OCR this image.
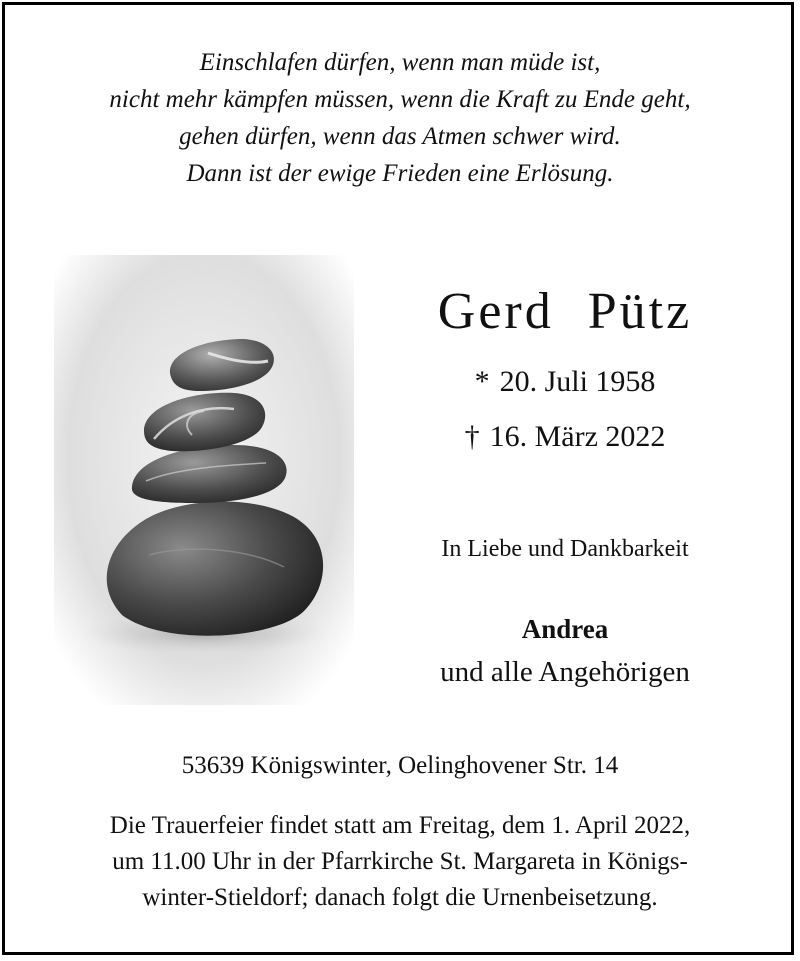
Einschlafen dürfen, wenn man müde ist,
nicht mehr kämpfen müssen, wenn die Kraft zu Ende geht,
gehen dürfen, wenn das Atmen schwer wird.
Dann ist der ewige Frieden eine Erlösung.
Gerd Pütz
* 20. Juli 1958
† 16. März 2022
In Liebe und Dankbarkeit
Andrea
und alle Angehörigen
53639 Königswinter, Oelinghovener Str. 14
Die Trauerfeier findet statt am Freitag, dem 1. April 2022,
um 11.00 Uhr in der Pfarrkirche St. Margareta in Königs-
winter-Stieldorf; danach folgt die Urnenbeisetzung.
